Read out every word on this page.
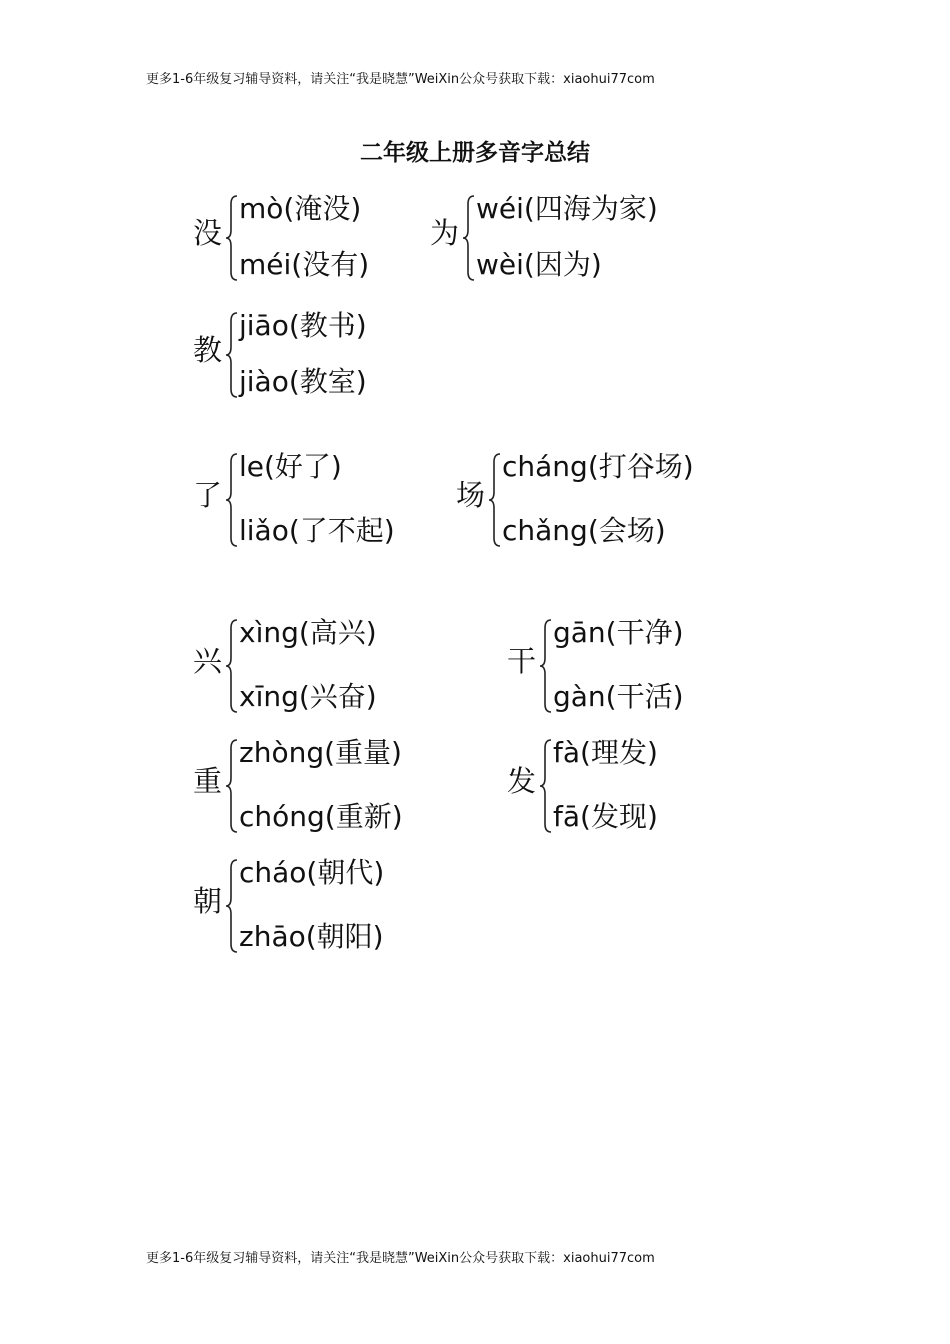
更多1-6年级复习辅导资料，请关注“我是晓慧”WeiXin公众号获取下载：xiaohui77com
二年级上册多音字总结
没
mò(淹没)
méi(没有)
为
wéi(四海为家)
wèi(因为)
教
jiāo(教书)
jiào(教室)
了
le(好了)
liǎo(了不起)
场
cháng(打谷场)
chǎng(会场)
兴
xìng(高兴)
xīng(兴奋)
干
gān(干净)
gàn(干活)
重
zhòng(重量)
chóng(重新)
发
fà(理发)
fā(发现)
朝
cháo(朝代)
zhāo(朝阳)
更多1-6年级复习辅导资料，请关注“我是晓慧”WeiXin公众号获取下载：xiaohui77com
